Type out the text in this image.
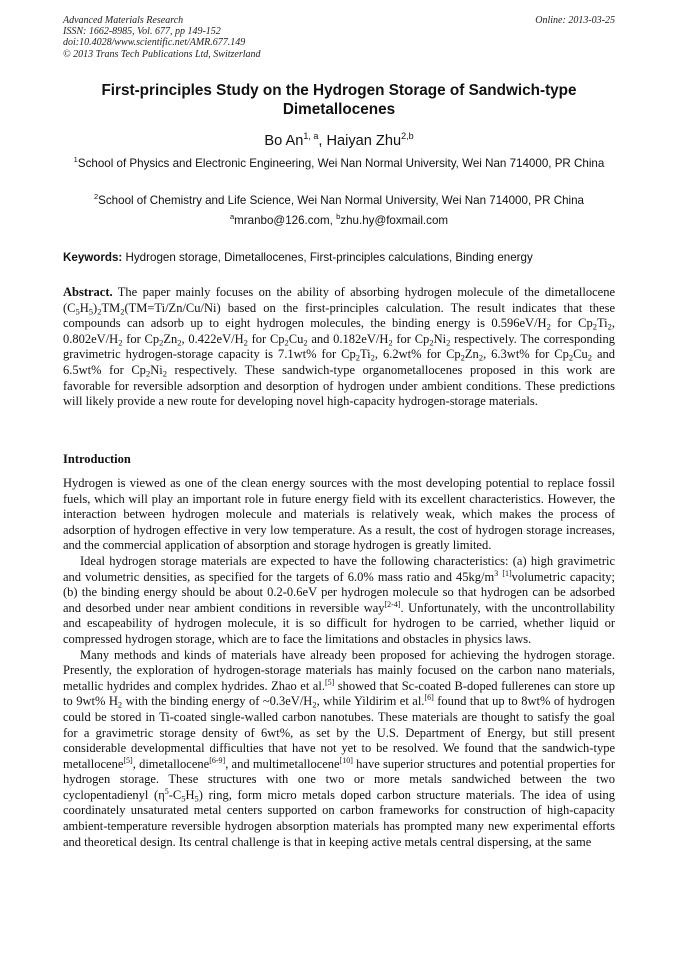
Advanced Materials Research
ISSN: 1662-8985, Vol. 677, pp 149-152
doi:10.4028/www.scientific.net/AMR.677.149
© 2013 Trans Tech Publications Ltd, Switzerland
Online: 2013-03-25
First-principles Study on the Hydrogen Storage of Sandwich-type Dimetallocenes
Bo An$^{1, a}$, Haiyan Zhu$^{2,b}$
$^1$School of Physics and Electronic Engineering, Wei Nan Normal University, Wei Nan 714000, PR China
$^2$School of Chemistry and Life Science, Wei Nan Normal University, Wei Nan 714000, PR China
$^a$mranbo@126.com, $^b$zhu.hy@foxmail.com
Keywords: Hydrogen storage, Dimetallocenes, First-principles calculations, Binding energy

Abstract. The paper mainly focuses on the ability of absorbing hydrogen molecule of the dimetallocene $(C_5H_5)_2TM_2(TM=Ti/Zn/Cu/Ni)$ based on the first-principles calculation. The result indicates that these compounds can adsorb up to eight hydrogen molecules, the binding energy is $0.596eV/H_2$ for $Cp_2Ti_2$, $0.802eV/H_2$ for $Cp_2Zn_2$, $0.422eV/H_2$ for $Cp_2Cu_2$ and $0.182eV/H_2$ for $Cp_2Ni_2$ respectively. The corresponding gravimetric hydrogen-storage capacity is 7.1wt% for $Cp_2Ti_2$, 6.2wt% for $Cp_2Zn_2$, 6.3wt% for $Cp_2Cu_2$ and 6.5wt% for $Cp_2Ni_2$ respectively. These sandwich-type organometallocenes proposed in this work are favorable for reversible adsorption and desorption of hydrogen under ambient conditions. These predictions will likely provide a new route for developing novel high-capacity hydrogen-storage materials.

Introduction

Hydrogen is viewed as one of the clean energy sources with the most developing potential to replace fossil fuels, which will play an important role in future energy field with its excellent characteristics. However, the interaction between hydrogen molecule and materials is relatively weak, which makes the process of adsorption of hydrogen effective in very low temperature. As a result, the cost of hydrogen storage increases, and the commercial application of absorption and storage hydrogen is greatly limited.

Ideal hydrogen storage materials are expected to have the following characteristics: (a) high gravimetric and volumetric densities, as specified for the targets of 6.0% mass ratio and $45kg/m^3$ [1]volumetric capacity; (b) the binding energy should be about 0.2-0.6eV per hydrogen molecule so that hydrogen can be adsorbed and desorbed under near ambient conditions in reversible way[2-4]. Unfortunately, with the uncontrollability and escapeability of hydrogen molecule, it is so difficult for hydrogen to be carried, whether liquid or compressed hydrogen storage, which are to face the limitations and obstacles in physics laws.

Many methods and kinds of materials have already been proposed for achieving the hydrogen storage. Presently, the exploration of hydrogen-storage materials has mainly focused on the carbon nano materials, metallic hydrides and complex hydrides. Zhao et al.[5] showed that Sc-coated B-doped fullerenes can store up to 9wt% $H_2$ with the binding energy of $\sim 0.3eV/H_2$, while Yildirim et al.[6] found that up to 8wt% of hydrogen could be stored in Ti-coated single-walled carbon nanotubes. These materials are thought to satisfy the goal for a gravimetric storage density of 6wt%, as set by the U.S. Department of Energy, but still present considerable developmental difficulties that have not yet to be resolved. We found that the sandwich-type metallocene[5], dimetallocene[6-9], and multimetallocene[10] have superior structures and potential properties for hydrogen storage. These structures with one two or more metals sandwiched between the two cyclopentadienyl $(\eta^5-C_5H_5)$ ring, form micro metals doped carbon structure materials. The idea of using coordinately unsaturated metal centers supported on carbon frameworks for construction of high-capacity ambient-temperature reversible hydrogen absorption materials has prompted many new experimental efforts and theoretical design. Its central challenge is that in keeping active metals central dispersing, at the same
